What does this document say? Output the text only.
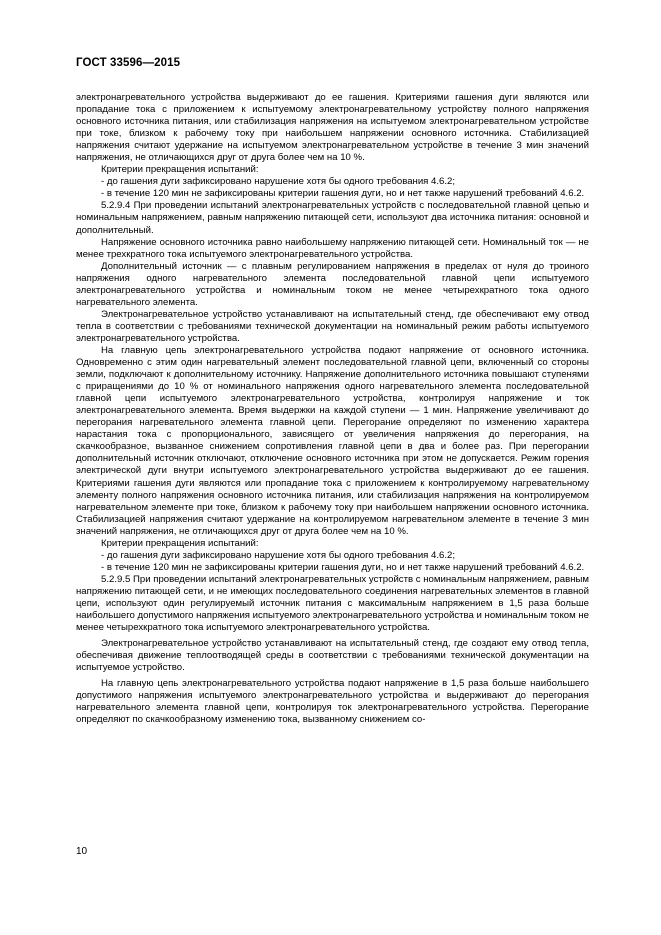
ГОСТ 33596—2015

электронагревательного устройства выдерживают до ее гашения. Критериями гашения дуги являются или пропадание тока с приложением к испытуемому электронагревательному устройству полного напряжения основного источника питания, или стабилизация напряжения на испытуемом электронагревательном устройстве при токе, близком к рабочему току при наибольшем напряжении основного источника. Стабилизацией напряжения считают удержание на испытуемом электронагревательном устройстве в течение 3 мин значений напряжения, не отличающихся друг от друга более чем на 10 %.

Критерии прекращения испытаний:

- до гашения дуги зафиксировано нарушение хотя бы одного требования 4.6.2;

- в течение 120 мин не зафиксированы критерии гашения дуги, но и нет также нарушений требований 4.6.2.

5.2.9.4 При проведении испытаний электронагревательных устройств с последовательной главной цепью и номинальным напряжением, равным напряжению питающей сети, используют два источника питания: основной и дополнительный.

Напряжение основного источника равно наибольшему напряжению питающей сети. Номинальный ток — не менее трехкратного тока испытуемого электронагревательного устройства.

Дополнительный источник — с плавным регулированием напряжения в пределах от нуля до троиного напряжения одного нагревательного элемента последовательной главной цепи испытуемого электронагревательного устройства и номинальным током не менее четырехкратного тока одного нагревательного элемента.

Электронагревательное устройство устанавливают на испытательный стенд, где обеспечивают ему отвод тепла в соответствии с требованиями технической документации на номинальный режим работы испытуемого электронагревательного устройства.

На главную цепь электронагревательного устройства подают напряжение от основного источника. Одновременно с этим один нагревательный элемент последовательной главной цепи, включенный со стороны земли, подключают к дополнительному источнику. Напряжение дополнительного источника повышают ступенями с приращениями до 10 % от номинального напряжения одного нагревательного элемента последовательной главной цепи испытуемого электронагревательного устройства, контролируя напряжение и ток электронагревательного элемента. Время выдержки на каждой ступени — 1 мин. Напряжение увеличивают до перегорания нагревательного элемента главной цепи. Перегорание определяют по изменению характера нарастания тока с пропорционального, зависящего от увеличения напряжения до перегорания, на скачкообразное, вызванное снижением сопротивления главной цепи в два и более раз. При перегорании дополнительный источник отключают, отключение основного источника при этом не допускается. Режим горения электрической дуги внутри испытуемого электронагревательного устройства выдерживают до ее гашения. Критериями гашения дуги являются или пропадание тока с приложением к контролируемому нагревательному элементу полного напряжения основного источника питания, или стабилизация напряжения на контролируемом нагревательном элементе при токе, близком к рабочему току при наибольшем напряжении основного источника. Стабилизацией напряжения считают удержание на контролируемом нагревательном элементе в течение 3 мин значений напряжения, не отличающихся друг от друга более чем на 10 %.

Критерии прекращения испытаний:

- до гашения дуги зафиксировано нарушение хотя бы одного требования 4.6.2;

- в течение 120 мин не зафиксированы критерии гашения дуги, но и нет также нарушений требований 4.6.2.

5.2.9.5 При проведении испытаний электронагревательных устройств с номинальным напряжением, равным напряжению питающей сети, и не имеющих последовательного соединения нагревательных элементов в главной цепи, используют один регулируемый источник питания с максимальным напряжением в 1,5 раза больше наибольшего допустимого напряжения испытуемого электронагревательного устройства и номинальным током не менее четырехкратного тока испытуемого электронагревательного устройства.

Электронагревательное устройство устанавливают на испытательный стенд, где создают ему отвод тепла, обеспечивая движение теплоотводящей среды в соответствии с требованиями технической документации на испытуемое устройство.

На главную цепь электронагревательного устройства подают напряжение в 1,5 раза больше наибольшего допустимого напряжения испытуемого электронагревательного устройства и выдерживают до перегорания нагревательного элемента главной цепи, контролируя ток электронагревательного устройства. Перегорание определяют по скачкообразному изменению тока, вызванному снижением со-

10
